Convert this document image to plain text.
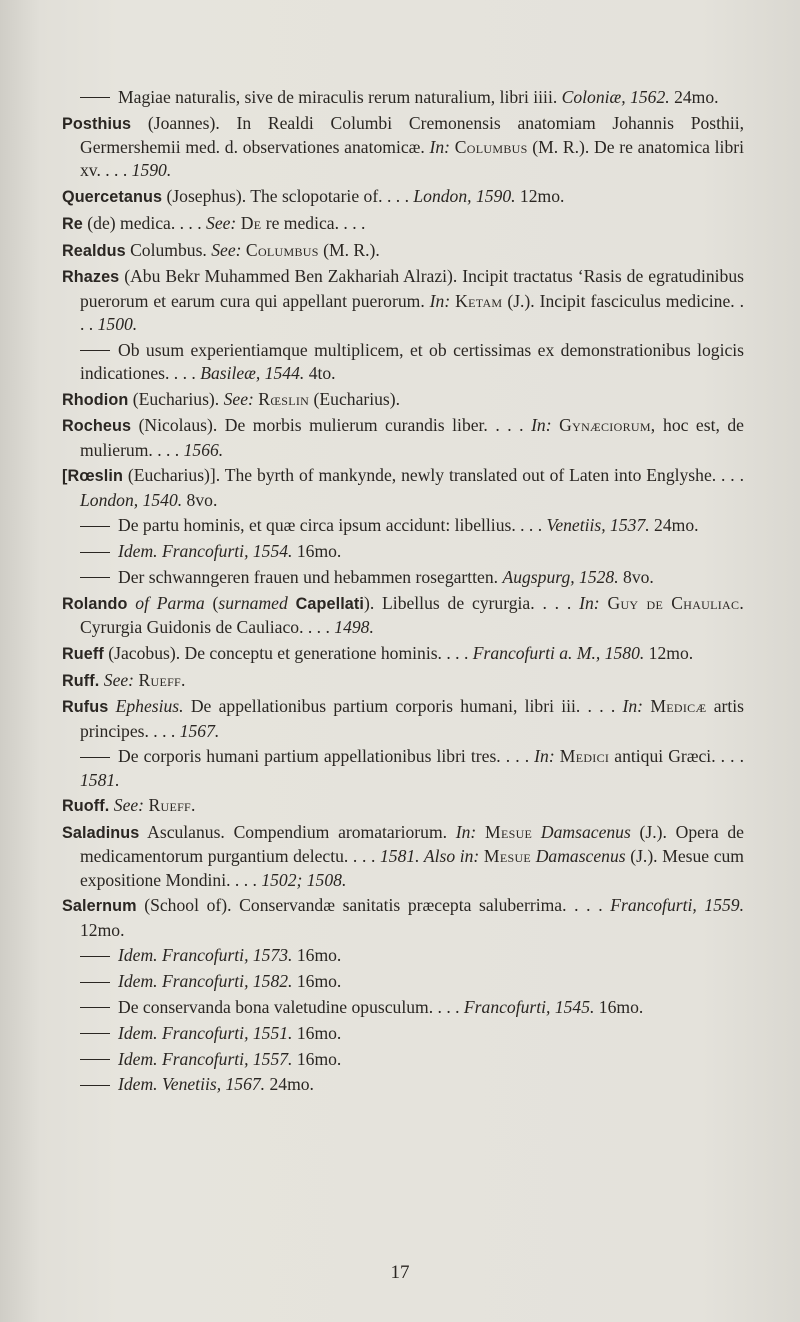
Magiae naturalis, sive de miraculis rerum naturalium, libri iiii. Coloniæ, 1562. 24mo.

Posthius (Joannes). In Realdi Columbi Cremonensis anatomiam Johannis Posthii, Germershemii med. d. observationes anatomicæ. In: Columbus (M. R.). De re anatomica libri xv. . . . 1590.

Quercetanus (Josephus). The sclopotarie of. . . . London, 1590. 12mo.

Re (de) medica. . . . See: De re medica. . . .

Realdus Columbus. See: Columbus (M. R.).

Rhazes (Abu Bekr Muhammed Ben Zakhariah Alrazi). Incipit tractatus ‘Rasis de egratudinibus puerorum et earum cura qui appellant puerorum. In: Ketam (J.). Incipit fasciculus medicine. . . . 1500.

Ob usum experientiamque multiplicem, et ob certissimas ex demonstrationibus logicis indicationes. . . . Basileæ, 1544. 4to.

Rhodion (Eucharius). See: Rœslin (Eucharius).

Rocheus (Nicolaus). De morbis mulierum curandis liber. . . . In: Gynæciorum, hoc est, de mulierum. . . . 1566.

[Rœslin (Eucharius)]. The byrth of mankynde, newly translated out of Laten into Englyshe. . . . London, 1540. 8vo.

De partu hominis, et quæ circa ipsum accidunt: libellius. . . . Venetiis, 1537. 24mo.

Idem. Francofurti, 1554. 16mo.

Der schwanngeren frauen und hebammen rosegartten. Augspurg, 1528. 8vo.

Rolando of Parma (surnamed Capellati). Libellus de cyrurgia. . . . In: Guy de Chauliac. Cyrurgia Guidonis de Cauliaco. . . . 1498.

Rueff (Jacobus). De conceptu et generatione hominis. . . . Francofurti a. M., 1580. 12mo.

Ruff. See: Rueff.

Rufus Ephesius. De appellationibus partium corporis humani, libri iii. . . . In: Medicæ artis principes. . . . 1567.

De corporis humani partium appellationibus libri tres. . . . In: Medici antiqui Græci. . . . 1581.

Ruoff. See: Rueff.

Saladinus Asculanus. Compendium aromatariorum. In: Mesue Damsacenus (J.). Opera de medicamentorum purgantium delectu. . . . 1581. Also in: Mesue Damascenus (J.). Mesue cum expositione Mondini. . . . 1502; 1508.

Salernum (School of). Conservandæ sanitatis præcepta saluberrima. . . . Francofurti, 1559. 12mo.

Idem. Francofurti, 1573. 16mo.

Idem. Francofurti, 1582. 16mo.

De conservanda bona valetudine opusculum. . . . Francofurti, 1545. 16mo.

Idem. Francofurti, 1551. 16mo.

Idem. Francofurti, 1557. 16mo.

Idem. Venetiis, 1567. 24mo.

17
